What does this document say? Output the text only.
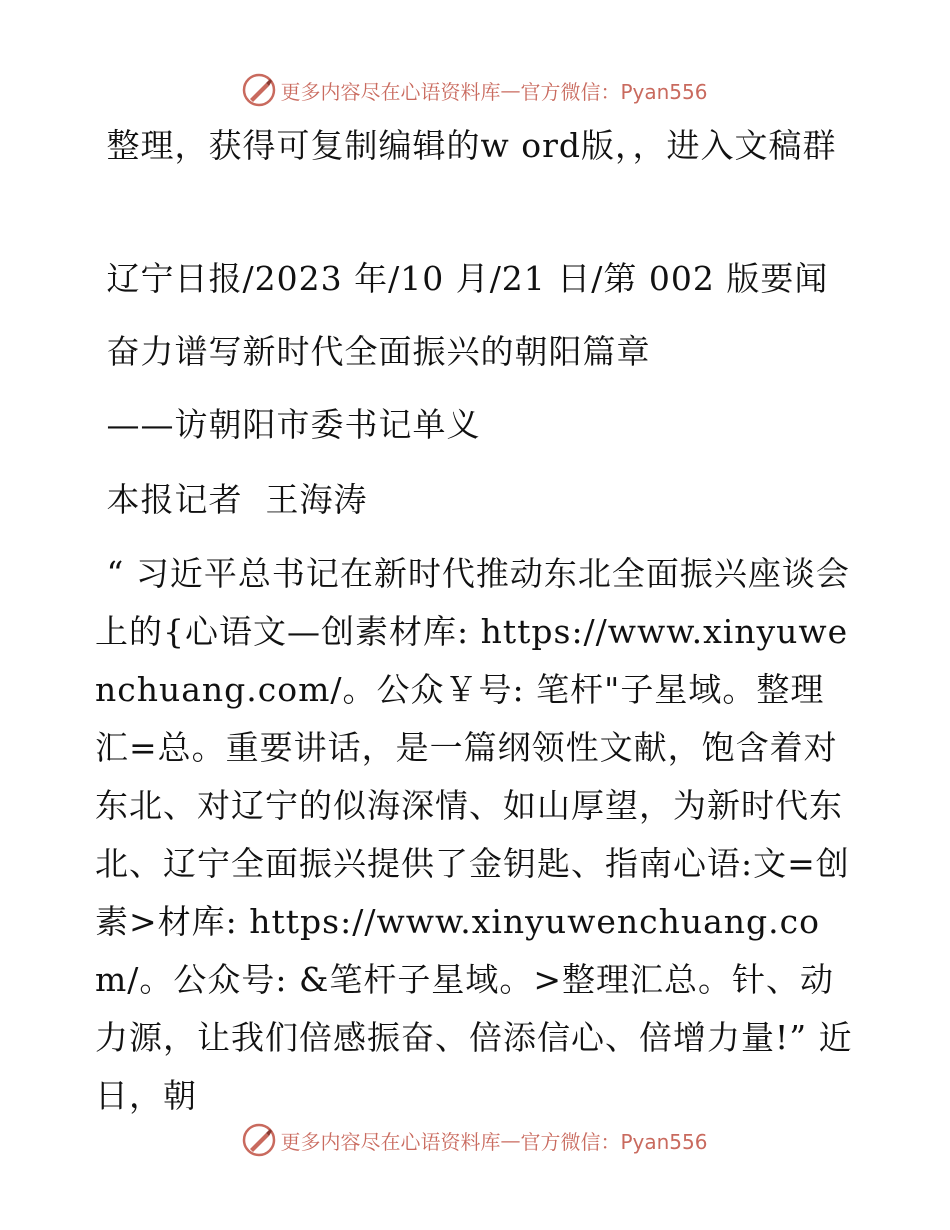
更多内容尽在心语资料库 — 官方微信：Pyan556
整理，获得可复制编辑的w ord版，，进入文稿群
辽宁日报/2023 年/10 月/21 日/第 002 版要闻
奋力谱写新时代全面振兴的朝阳篇章
——访朝阳市委书记单义
本报记者  王海涛
“ 习近平总书记在新时代推动东北全面振兴座谈会上的{心语文—创素材库: https://www.xinyuwenchuang.com/。公众￥号: 笔杆"子星域。整理汇=总。重要讲话，是一篇纲领性文献，饱含着对东北、对辽宁的似海深情、如山厚望，为新时代东北、辽宁全面振兴提供了金钥匙、指南心语:文=创素>材库: https://www.xinyuwenchuang.com/。公众号: &笔杆子星域。>整理汇总。针、动力源，让我们倍感振奋、倍添信心、倍增力量!” 近日，朝
更多内容尽在心语资料库 — 官方微信：Pyan556
